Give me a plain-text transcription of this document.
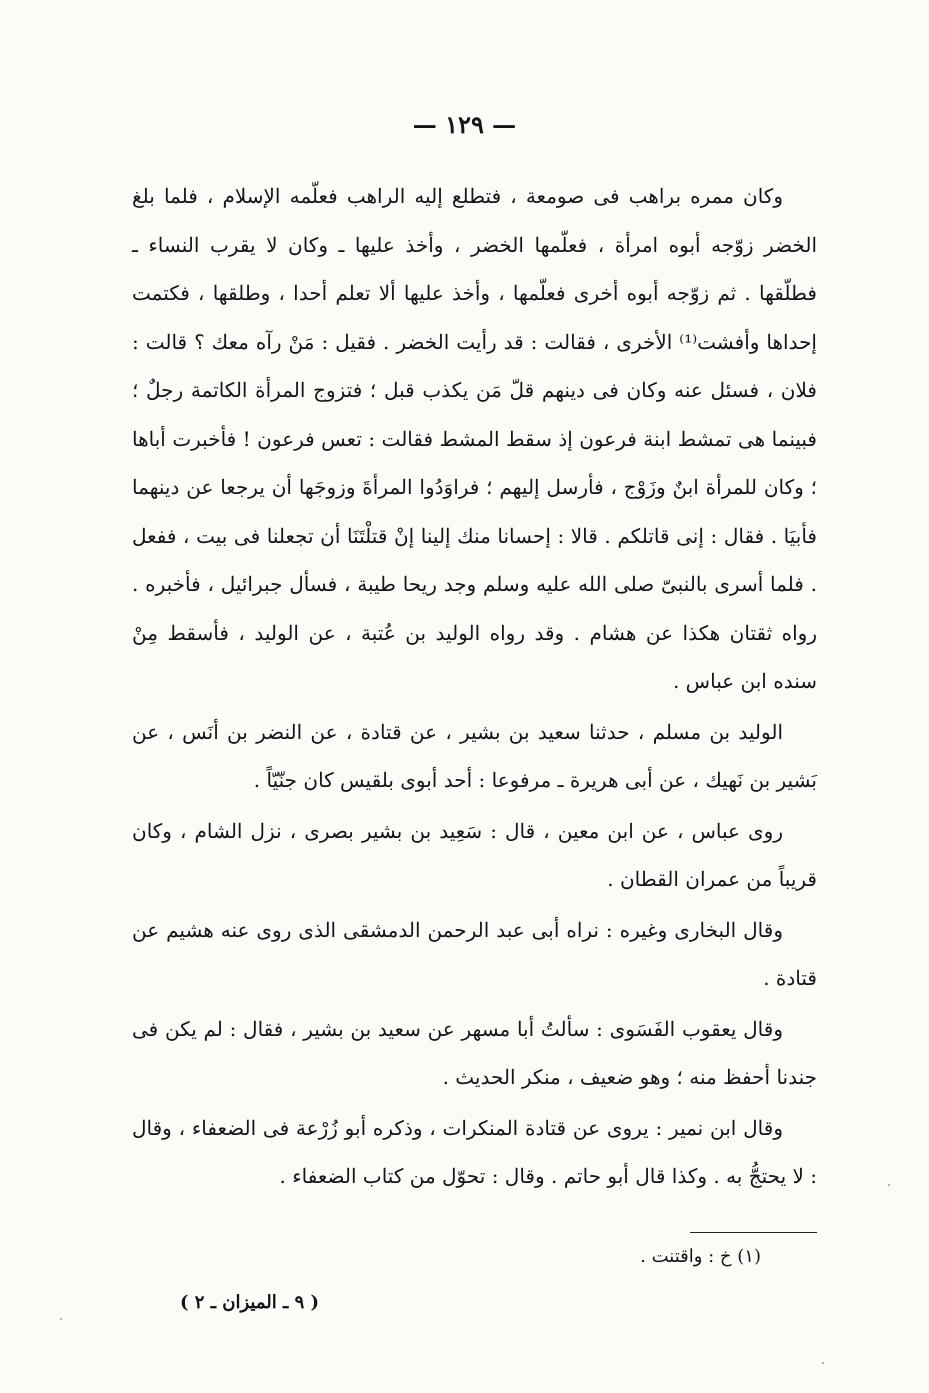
— ١٢٩ —

وكان ممره براهب فى صومعة ، فتطلع إليه الراهب فعلّمه الإسلام ، فلما بلغ الخضر زوّجه أبوه امرأة ، فعلّمها الخضر ، وأخذ عليها ـ وكان لا يقرب النساء ـ فطلّقها . ثم زوّجه أبوه أخرى فعلّمها ، وأخذ عليها ألا تعلم أحدا ، وطلقها ، فكتمت إحداها وأفشت⁽¹⁾ الأخرى ، فقالت : قد رأيت الخضر . فقيل : مَنْ رآه معك ؟ قالت : فلان ، فسئل عنه وكان فى دينهم قلّ مَن يكذب قبل ؛ فتزوج المرأة الكاتمة رجلٌ ؛ فبينما هى تمشط ابنة فرعون إذ سقط المشط فقالت : تعس فرعون ! فأخبرت أباها ؛ وكان للمرأة ابنٌ وزَوْج ، فأرسل إليهم ؛ فراوَدُوا المرأةَ وزوجَها أن يرجعا عن دينهما فأبيَا . فقال : إنى قاتلكم . قالا : إحسانا منك إلينا إنْ قتلْتَنَا أن تجعلنا فى بيت ، ففعل . فلما أسرى بالنبىّ صلى الله عليه وسلم وجد ريحا طيبة ، فسأل جبرائيل ، فأخبره . رواه ثقتان هكذا عن هشام . وقد رواه الوليد بن عُتبة ، عن الوليد ، فأسقط مِنْ سنده ابن عباس .

الوليد بن مسلم ، حدثنا سعيد بن بشير ، عن قتادة ، عن النضر بن أنَس ، عن بَشير بن نَهيك ، عن أبى هريرة ـ مرفوعا : أحد أبوى بلقيس كان جنّيّاً .

روى عباس ، عن ابن معين ، قال : سَعِيد بن بشير بصرى ، نزل الشام ، وكان قريباً من عمران القطان .

وقال البخارى وغيره : نراه أبى عبد الرحمن الدمشقى الذى روى عنه هشيم عن قتادة .

وقال يعقوب الفَسَوى : سألتُ أبا مسهر عن سعيد بن بشير ، فقال : لم يكن فى جندنا أحفظ منه ؛ وهو ضعيف ، منكر الحديث .

وقال ابن نمير : يروى عن قتادة المنكرات ، وذكره أبو زُرْعة فى الضعفاء ، وقال : لا يحتجُّ به . وكذا قال أبو حاتم . وقال : تحوّل من كتاب الضعفاء .

(١) خ : واقتنت .
( ٩ ـ الميزان ـ ٢ )
